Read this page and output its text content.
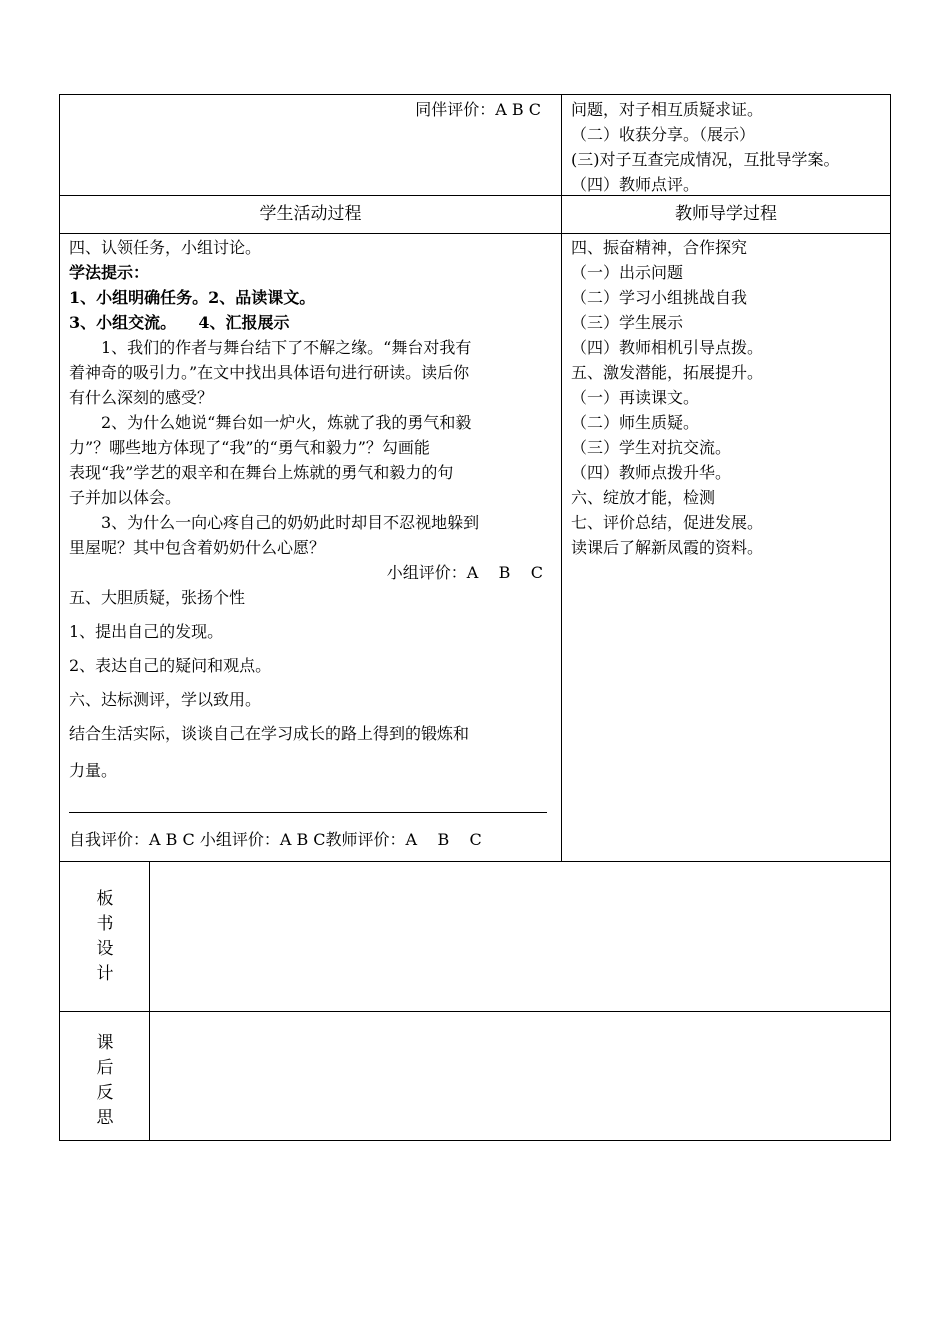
同伴评价：A B C 问题，对子相互质疑求证。
（二）收获分享。（展示）
(三)对子互查完成情况，互批导学案。
（四）教师点评。
学生活动过程	教师导学过程
四、认领任务，小组讨论。
学法提示：
1、小组明确任务。2、品读课文。
3、小组交流。    4、汇报展示
　　1、我们的作者与舞台结下了不解之缘。“舞台对我有
着神奇的吸引力。”在文中找出具体语句进行研读。读后你
有什么深刻的感受？
　　2、为什么她说“舞台如一炉火，炼就了我的勇气和毅
力”？哪些地方体现了“我”的“勇气和毅力”？勾画能
表现“我”学艺的艰辛和在舞台上炼就的勇气和毅力的句
子并加以体会。
　　3、为什么一向心疼自己的奶奶此时却目不忍视地躲到
里屋呢？其中包含着奶奶什么心愿？
小组评价：A    B    C
五、大胆质疑，张扬个性
1、提出自己的发现。
2、表达自己的疑问和观点。
六、达标测评，学以致用。
结合生活实际，谈谈自己在学习成长的路上得到的锻炼和
力量。
自我评价：A B C 小组评价：A B C教师评价：A    B    C
四、振奋精神，合作探究
（一）出示问题
（二）学习小组挑战自我
（三）学生展示
（四）教师相机引导点拨。
五、激发潜能，拓展提升。
（一）再读课文。
（二）师生质疑。
（三）学生对抗交流。
（四）教师点拨升华。
六、绽放才能，检测
七、评价总结，促进发展。
读课后了解新凤霞的资料。
板
书
设
计
课
后
反
思
